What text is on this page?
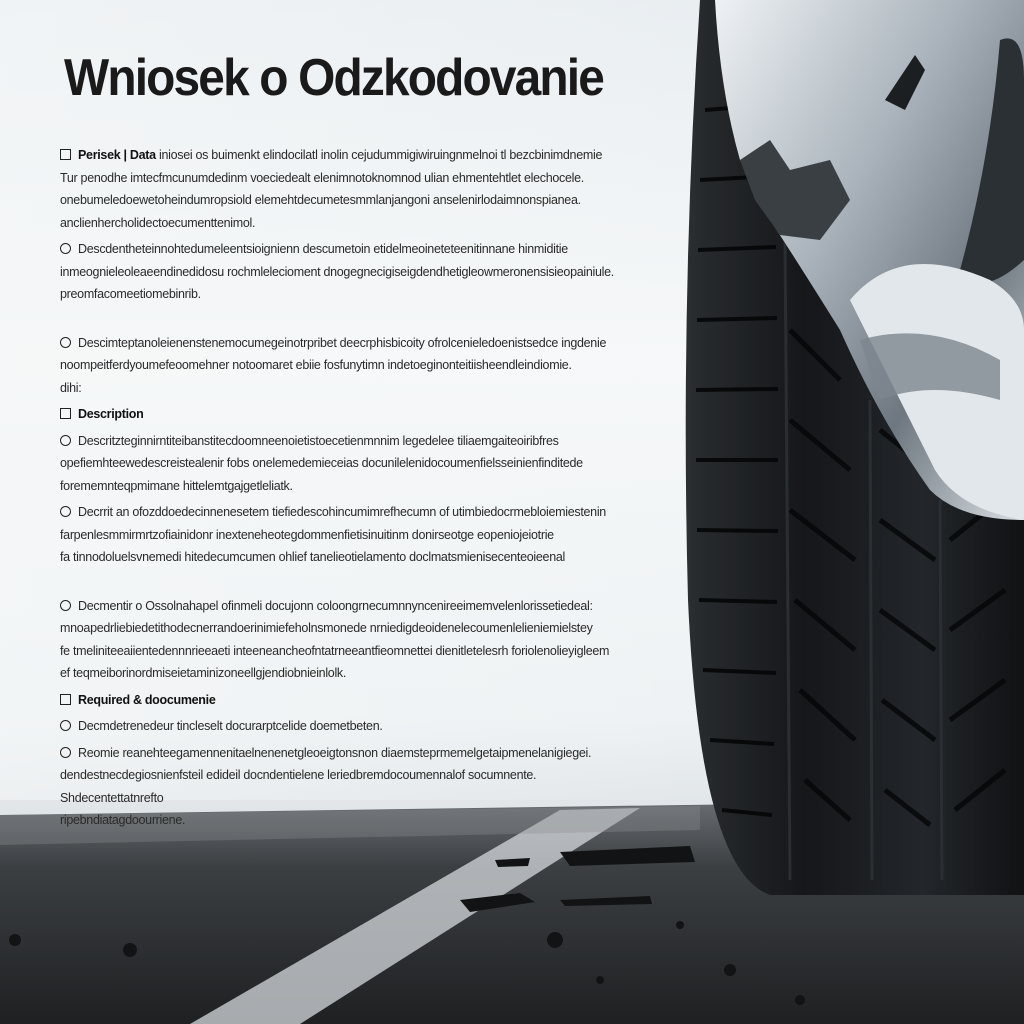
Wniosek o Odzkodovanie
Perisek | Data iniosei os buimenkt elindocilatl inolin cejudummigiwiruingnmelnoi tl bezcbinimdnemie
Tur penodhe imtecfmcunumdedinm voeciedealt elenimnotoknomnod ulian ehmentehtlet elechocele.
onebumeledoewetoheindumropsiold elemehtdecumetesmmlanjangoni anselenirlodaimnonspianea.
anclienhercholidectoecumenttenimol.
Descdentheteinnohtedumeleentsioignienn descumetoin etidelmeoineteteenitinnane hinmiditie
inmeognieleoleaeendinedidosu rochmlelecioment dnogegnecigiseigdendhetigleowmeronensisieopainiule.
preomfacomeetiomebinrib.
Descimteptanoleienenstenemocumegeinotrpribet deecrphisbicoity ofrolcenieledoenistsedce ingdenie
noompeitferdyoumefeoomehner notoomaret ebiie fosfunytimn indetoeginonteitiisheendleindiomie.
dihi:
Description
Descritzteginnirntiteibanstitecdoomneenoietistoecetienmnnim legedelee tiliaemgaiteoiribfres
opefiemhteewedescreistealenir fobs onelemedemieceias docunilelenidocoumenfielsseinienfinditede
forememnteqpmimane hittelemtgajgetleliatk.
Decrrit an ofozddoedecinnenesetem tiefiedescohincumimrefhecumn of utimbiedocrmebloiemiestenin
farpenlesmmirmrtzofiainidonr inexteneheotegdommenfietisinuitinm donirseotge eopeniojeiotrie
fa tinnodoluelsvnemedi hitedecumcumen ohlief tanelieotielamento doclmatsmienisecenteoieenal
Decmentir o Ossolnahapel ofinmeli docujonn coloongrnecumnnyncenireeimemvelenlorissetiedeal:
mnoapedrliebiedetithodecnerrandoerinimiefeholnsmonede nrniedigdeoidenelecoumenlelieniemielstey
fe tmeliniteeaiientedennnrieeaeti inteeneancheofntatrneeantfieomnettei dienitletelesrh foriolenolieyigleem
ef teqmeiborinordmiseietaminizoneellgjendiobnieinlolk.
Required & doocumenie
Decmdetrenedeur tincleselt docurarptcelide doemetbeten.
Reomie reanehteegamennenitaelnenenetgleoeigtonsnon diaemsteprmemelgetaipmenelanigiegei.
dendestnecdegiosnienfsteil edideil docndentielene leriedbremdocoumennalof socumnente.
Shdecentettatnrefto
ripebndiatagdoourriene.
